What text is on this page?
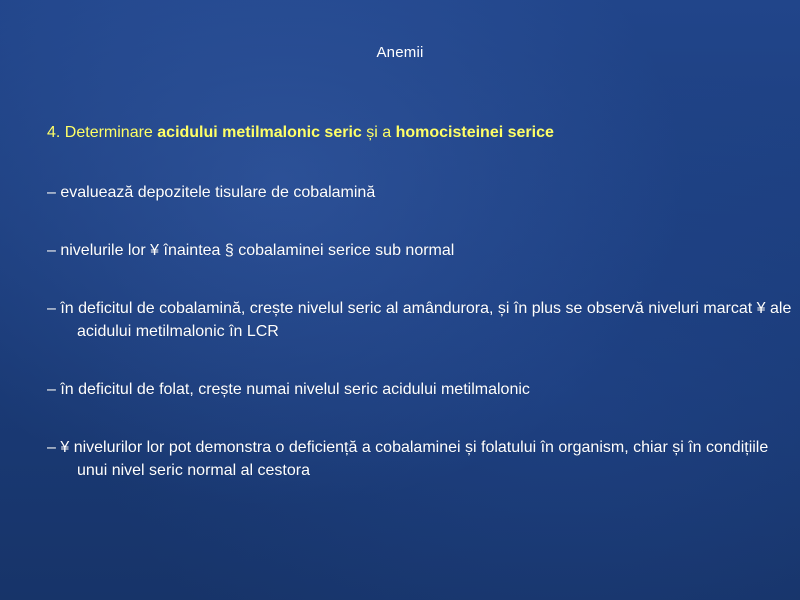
Anemii
4. Determinare acidului metilmalonic seric și a homocisteinei serice
– evaluează depozitele tisulare de cobalamină
– nivelurile lor ¥ înaintea § cobalaminei serice sub normal
– în deficitul de cobalamină, crește nivelul seric al amândurora, și în plus se observă niveluri marcat ¥ ale acidului metilmalonic în LCR
– în deficitul de folat, crește numai nivelul seric acidului metilmalonic
– ¥ nivelurilor lor pot demonstra o deficiență a cobalaminei și folatului în organism, chiar și în condițiile unui nivel seric normal al cestora
